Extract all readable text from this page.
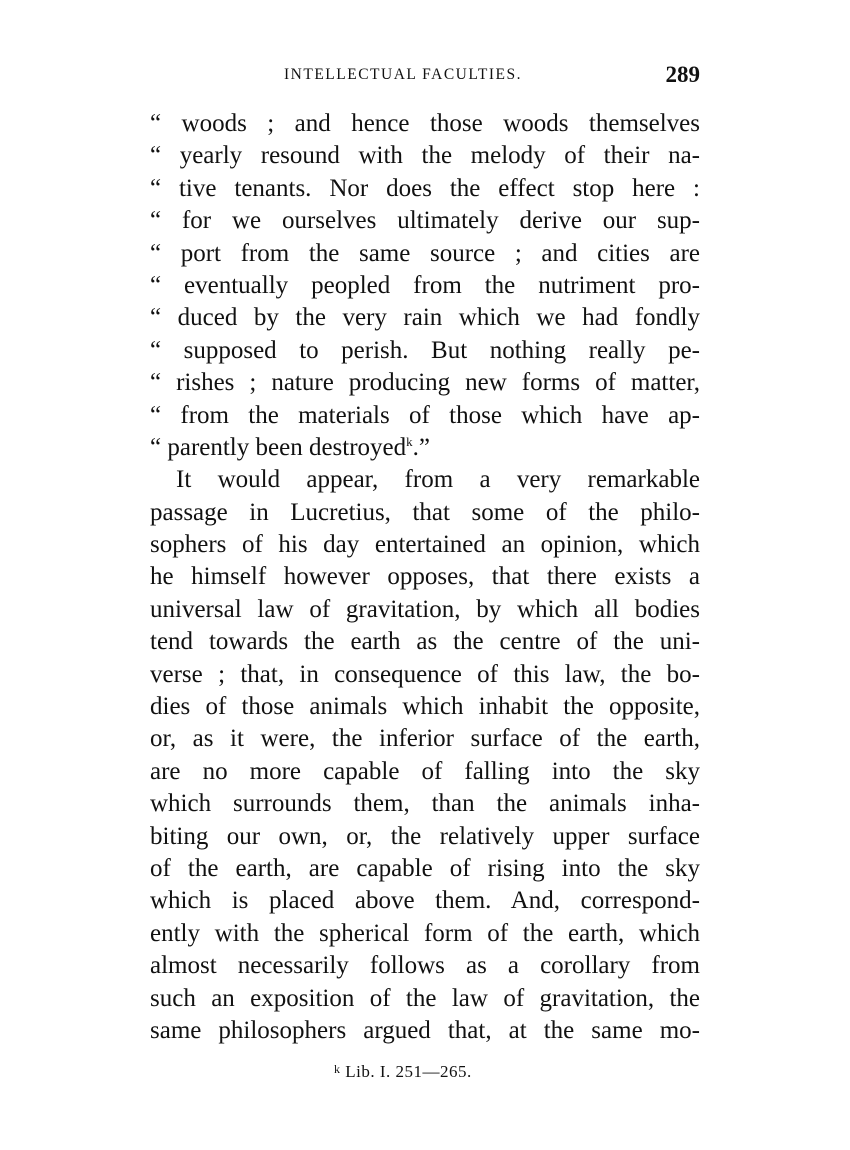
INTELLECTUAL FACULTIES.	289
“ woods ; and hence those woods themselves
“ yearly resound with the melody of their na-
“ tive tenants. Nor does the effect stop here :
“ for we ourselves ultimately derive our sup-
“ port from the same source ; and cities are
“ eventually peopled from the nutriment pro-
“ duced by the very rain which we had fondly
“ supposed to perish. But nothing really pe-
“ rishes ; nature producing new forms of matter,
“ from the materials of those which have ap-
“ parently been destroyed$^k$.”
It would appear, from a very remarkable
passage in Lucretius, that some of the philo-
sophers of his day entertained an opinion, which
he himself however opposes, that there exists a
universal law of gravitation, by which all bodies
tend towards the earth as the centre of the uni-
verse ; that, in consequence of this law, the bo-
dies of those animals which inhabit the opposite,
or, as it were, the inferior surface of the earth,
are no more capable of falling into the sky
which surrounds them, than the animals inha-
biting our own, or, the relatively upper surface
of the earth, are capable of rising into the sky
which is placed above them. And, correspond-
ently with the spherical form of the earth, which
almost necessarily follows as a corollary from
such an exposition of the law of gravitation, the
same philosophers argued that, at the same mo-
$^k$ Lib. I. 251—265.
